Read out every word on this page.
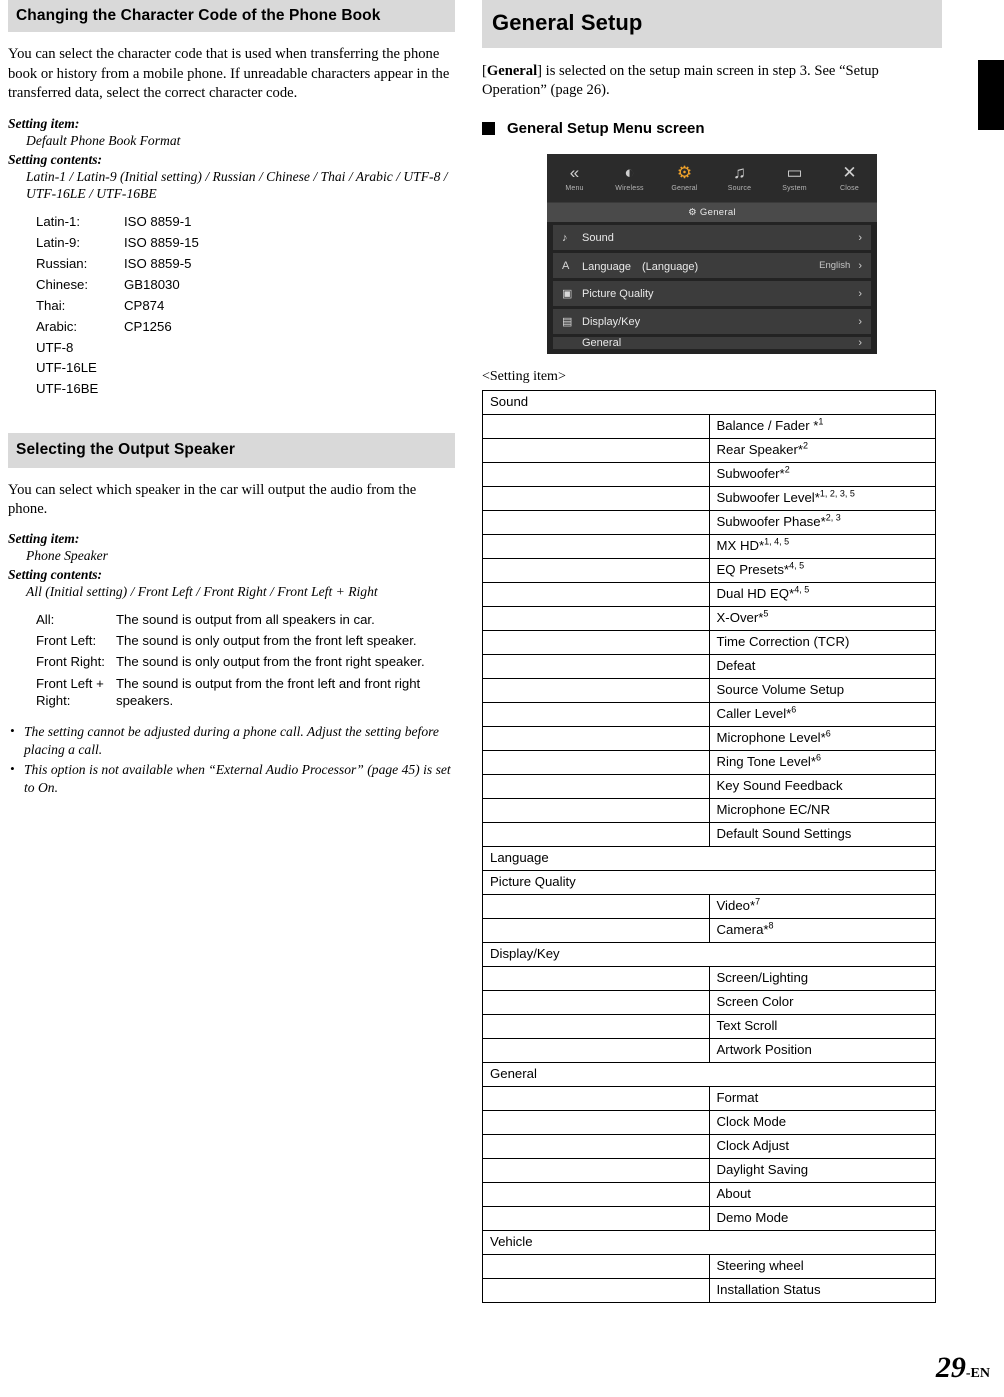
Changing the Character Code of the Phone Book

You can select the character code that is used when transferring the phone book or history from a mobile phone. If unreadable characters appear in the transferred data, select the correct character code.

Setting item:
Default Phone Book Format
Setting contents:
Latin-1 / Latin-9 (Initial setting) / Russian / Chinese / Thai / Arabic / UTF-8 / UTF-16LE / UTF-16BE
Latin-1:	ISO 8859-1
Latin-9:	ISO 8859-15
Russian:	ISO 8859-5
Chinese:	GB18030
Thai:	CP874
Arabic:	CP1256
UTF-8
UTF-16LE
UTF-16BE
Selecting the Output Speaker

You can select which speaker in the car will output the audio from the phone.

Setting item:
Phone Speaker
Setting contents:
All (Initial setting) / Front Left / Front Right / Front Left + Right
All:	The sound is output from all speakers in car.
Front Left:	The sound is only output from the front left speaker.
Front Right: The sound is only output from the front right speaker.
Front Left + Right:
The sound is output from the front left and front right speakers.
• The setting cannot be adjusted during a phone call. Adjust the setting before placing a call.
• This option is not available when “External Audio Processor” (page 45) is set to On.
General Setup

[General] is selected on the setup main screen in step 3. See “Setup Operation” (page 26).

General Setup Menu screen
«
Menu
◐
Wireless
⚙
General
♫
Source
▭
System
✕
Close
⚙ General
♪	Sound	›
A	Language　(Language)	English ›
▣ Picture Quality	›
▤ Display/Key	›
General	›
<Setting item>
Sound	
	Balance / Fader *$^1$
	Rear Speaker*$^2$
	Subwoofer*$^2$
	Subwoofer Level*$^{1, 2, 3, 5}$
	Subwoofer Phase*$^{2, 3}$
	MX HD*$^{1, 4, 5}$
	EQ Presets*$^{4, 5}$
	Dual HD EQ*$^{4, 5}$
	X-Over*$^5$
	Time Correction (TCR)
	Defeat
	Source Volume Setup
	Caller Level*$^6$
	Microphone Level*$^6$
	Ring Tone Level*$^6$
	Key Sound Feedback
	Microphone EC/NR
	Default Sound Settings
Language	
Picture Quality	
	Video*$^7$
	Camera*$^8$
Display/Key	
	Screen/Lighting
	Screen Color
	Text Scroll
	Artwork Position
General	
	Format
	Clock Mode
	Clock Adjust
	Daylight Saving
	About
	Demo Mode
Vehicle	
	Steering wheel
	Installation Status
29-EN
